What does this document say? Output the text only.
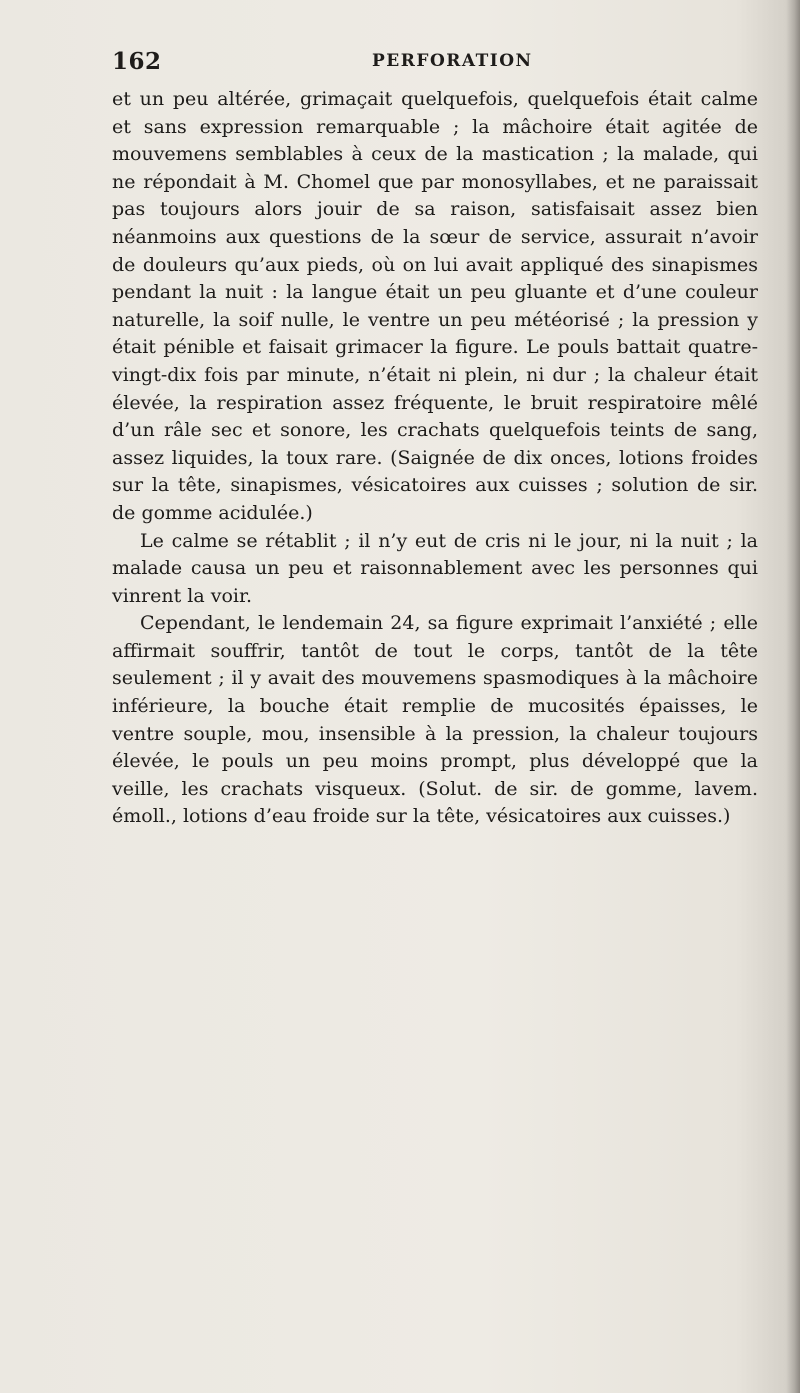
162	PERFORATION

et un peu altérée, grimaçait quelquefois, quelquefois était calme et sans expression remarquable ; la mâchoire était agitée de mouvemens semblables à ceux de la mastication ; la malade, qui ne répondait à M. Chomel que par monosyllabes, et ne paraissait pas toujours alors jouir de sa raison, satisfaisait assez bien néanmoins aux questions de la sœur de service, assurait n’avoir de douleurs qu’aux pieds, où on lui avait appliqué des sinapismes pendant la nuit : la langue était un peu gluante et d’une couleur naturelle, la soif nulle, le ventre un peu météorisé ; la pression y était pénible et faisait grimacer la figure. Le pouls battait quatre-vingt-dix fois par minute, n’était ni plein, ni dur ; la chaleur était élevée, la respiration assez fréquente, le bruit respiratoire mêlé d’un râle sec et sonore, les crachats quelquefois teints de sang, assez liquides, la toux rare. (Saignée de dix onces, lotions froides sur la tête, sinapismes, vésicatoires aux cuisses ; solution de sir. de gomme acidulée.)

Le calme se rétablit ; il n’y eut de cris ni le jour, ni la nuit ; la malade causa un peu et raisonnablement avec les personnes qui vinrent la voir.

Cependant, le lendemain 24, sa figure exprimait l’anxiété ; elle affirmait souffrir, tantôt de tout le corps, tantôt de la tête seulement ; il y avait des mouvemens spasmodiques à la mâchoire inférieure, la bouche était remplie de mucosités épaisses, le ventre souple, mou, insensible à la pression, la chaleur toujours élevée, le pouls un peu moins prompt, plus développé que la veille, les crachats visqueux. (Solut. de sir. de gomme, lavem. émoll., lotions d’eau froide sur la tête, vésicatoires aux cuisses.)
